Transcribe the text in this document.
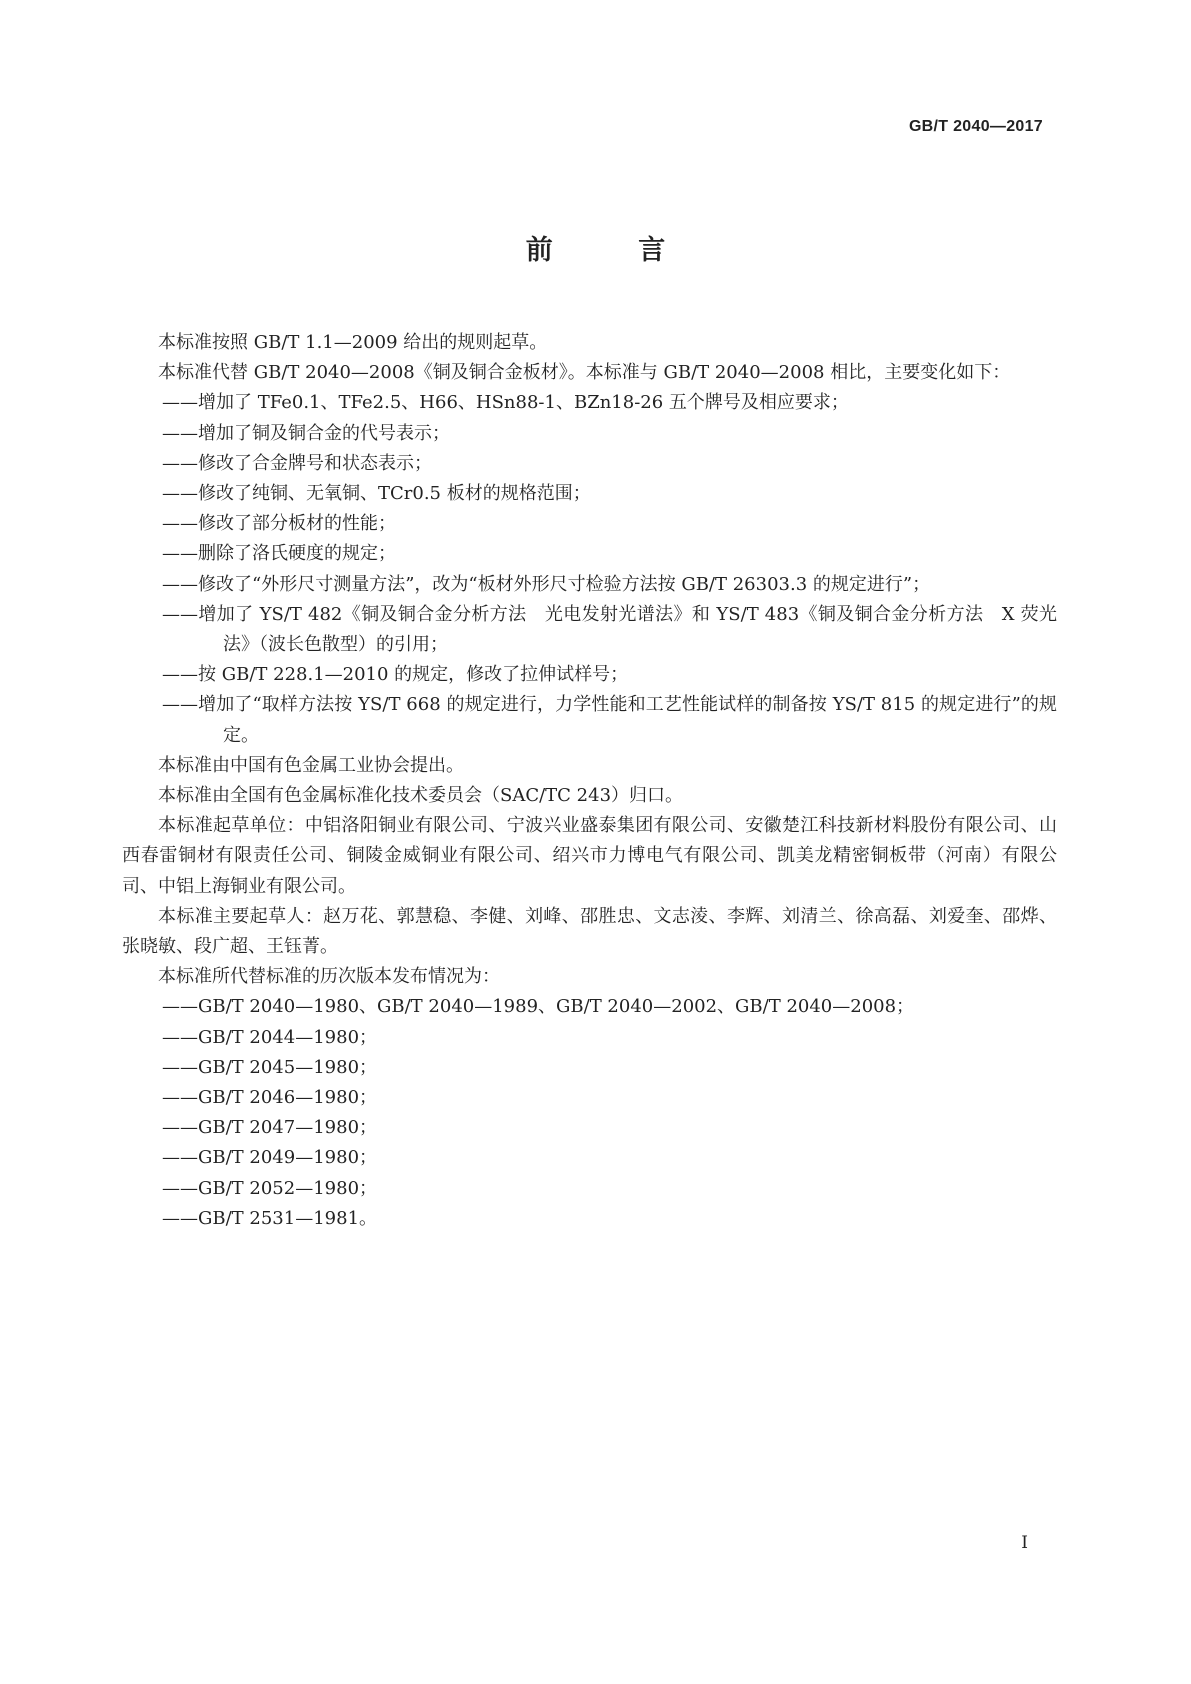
GB/T 2040—2017
前 言

本标准按照 GB/T 1.1—2009 给出的规则起草。

本标准代替 GB/T 2040—2008《铜及铜合金板材》。本标准与 GB/T 2040—2008 相比，主要变化如下：

——增加了 TFe0.1、TFe2.5、H66、HSn88-1、BZn18-26 五个牌号及相应要求；

——增加了铜及铜合金的代号表示；

——修改了合金牌号和状态表示；

——修改了纯铜、无氧铜、TCr0.5 板材的规格范围；

——修改了部分板材的性能；

——删除了洛氏硬度的规定；

——修改了“外形尺寸测量方法”，改为“板材外形尺寸检验方法按 GB/T 26303.3 的规定进行”；

——增加了 YS/T 482《铜及铜合金分析方法　光电发射光谱法》和 YS/T 483《铜及铜合金分析方法　X 荧光法》（波长色散型）的引用；

——按 GB/T 228.1—2010 的规定，修改了拉伸试样号；

——增加了“取样方法按 YS/T 668 的规定进行，力学性能和工艺性能试样的制备按 YS/T 815 的规定进行”的规定。

本标准由中国有色金属工业协会提出。

本标准由全国有色金属标准化技术委员会（SAC/TC 243）归口。

本标准起草单位：中铝洛阳铜业有限公司、宁波兴业盛泰集团有限公司、安徽楚江科技新材料股份有限公司、山西春雷铜材有限责任公司、铜陵金威铜业有限公司、绍兴市力博电气有限公司、凯美龙精密铜板带（河南）有限公司、中铝上海铜业有限公司。

本标准主要起草人：赵万花、郭慧稳、李健、刘峰、邵胜忠、文志淩、李辉、刘清兰、徐高磊、刘爱奎、邵烨、张晓敏、段广超、王钰菁。

本标准所代替标准的历次版本发布情况为：

——GB/T 2040—1980、GB/T 2040—1989、GB/T 2040—2002、GB/T 2040—2008；

——GB/T 2044—1980；

——GB/T 2045—1980；

——GB/T 2046—1980；

——GB/T 2047—1980；

——GB/T 2049—1980；

——GB/T 2052—1980；

——GB/T 2531—1981。

I
